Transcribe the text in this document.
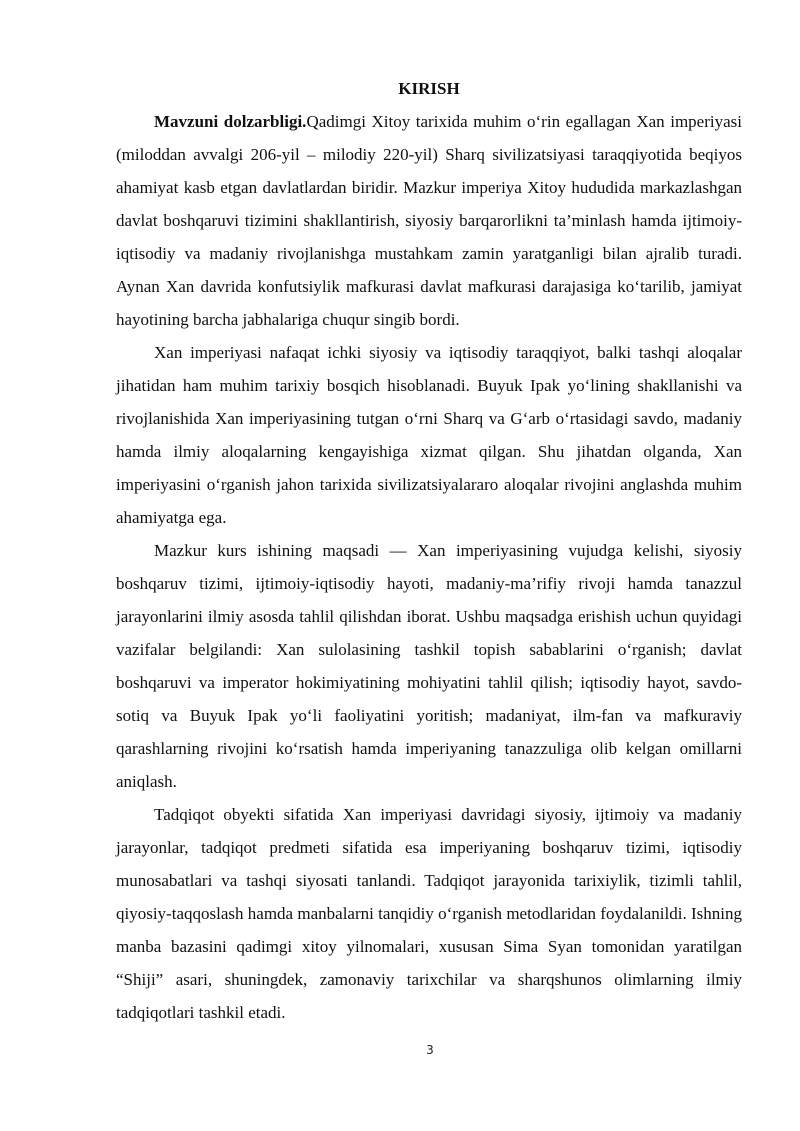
KIRISH

Mavzuni dolzarbligi.Qadimgi Xitoy tarixida muhim o‘rin egallagan Xan imperiyasi (miloddan avvalgi 206-yil – milodiy 220-yil) Sharq sivilizatsiyasi taraqqiyotida beqiyos ahamiyat kasb etgan davlatlardan biridir. Mazkur imperiya Xitoy hududida markazlashgan davlat boshqaruvi tizimini shakllantirish, siyosiy barqarorlikni ta’minlash hamda ijtimoiy-iqtisodiy va madaniy rivojlanishga mustahkam zamin yaratganligi bilan ajralib turadi. Aynan Xan davrida konfutsiylik mafkurasi davlat mafkurasi darajasiga ko‘tarilib, jamiyat hayotining barcha jabhalariga chuqur singib bordi.

Xan imperiyasi nafaqat ichki siyosiy va iqtisodiy taraqqiyot, balki tashqi aloqalar jihatidan ham muhim tarixiy bosqich hisoblanadi. Buyuk Ipak yo‘lining shakllanishi va rivojlanishida Xan imperiyasining tutgan o‘rni Sharq va G‘arb o‘rtasidagi savdo, madaniy hamda ilmiy aloqalarning kengayishiga xizmat qilgan. Shu jihatdan olganda, Xan imperiyasini o‘rganish jahon tarixida sivilizatsiyalararo aloqalar rivojini anglashda muhim ahamiyatga ega.

Mazkur kurs ishining maqsadi — Xan imperiyasining vujudga kelishi, siyosiy boshqaruv tizimi, ijtimoiy-iqtisodiy hayoti, madaniy-ma’rifiy rivoji hamda tanazzul jarayonlarini ilmiy asosda tahlil qilishdan iborat. Ushbu maqsadga erishish uchun quyidagi vazifalar belgilandi: Xan sulolasining tashkil topish sabablarini o‘rganish; davlat boshqaruvi va imperator hokimiyatining mohiyatini tahlil qilish; iqtisodiy hayot, savdo-sotiq va Buyuk Ipak yo‘li faoliyatini yoritish; madaniyat, ilm-fan va mafkuraviy qarashlarning rivojini ko‘rsatish hamda imperiyaning tanazzuliga olib kelgan omillarni aniqlash.

Tadqiqot obyekti sifatida Xan imperiyasi davridagi siyosiy, ijtimoiy va madaniy jarayonlar, tadqiqot predmeti sifatida esa imperiyaning boshqaruv tizimi, iqtisodiy munosabatlari va tashqi siyosati tanlandi. Tadqiqot jarayonida tarixiylik, tizimli tahlil, qiyosiy-taqqoslash hamda manbalarni tanqidiy o‘rganish metodlaridan foydalanildi. Ishning manba bazasini qadimgi xitoy yilnomalari, xususan Sima Syan tomonidan yaratilgan “Shiji” asari, shuningdek, zamonaviy tarixchilar va sharqshunos olimlarning ilmiy tadqiqotlari tashkil etadi.

3
